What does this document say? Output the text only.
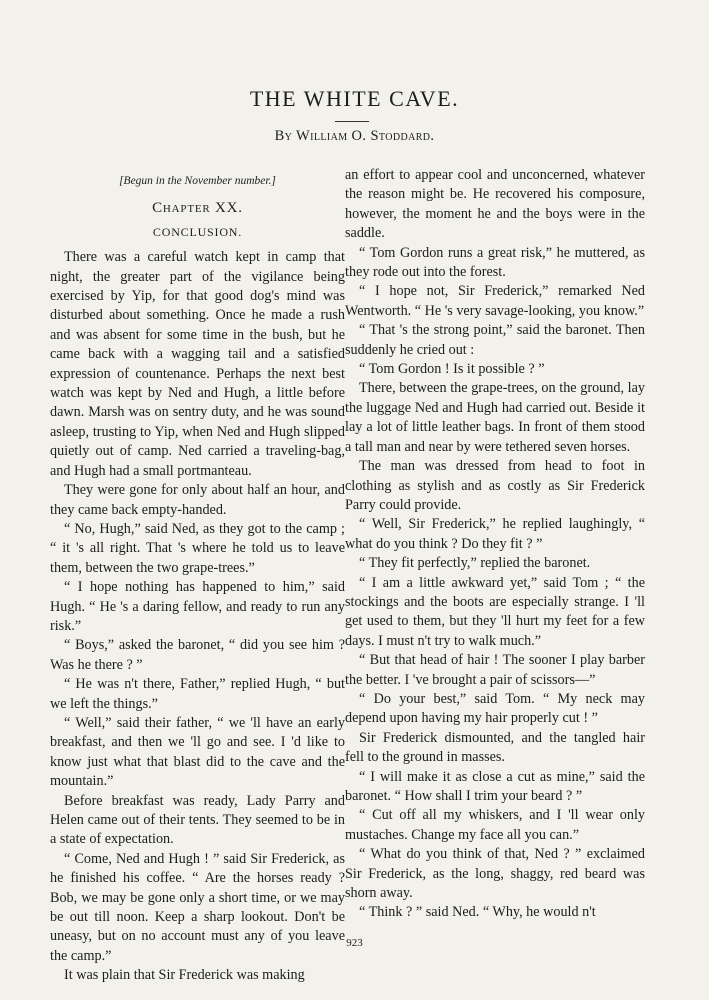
THE WHITE CAVE.
By William O. Stoddard.
[Begun in the November number.]
Chapter XX.
CONCLUSION.

There was a careful watch kept in camp that night, the greater part of the vigilance being exercised by Yip, for that good dog's mind was disturbed about something. Once he made a rush and was absent for some time in the bush, but he came back with a wagging tail and a satisfied expression of countenance. Perhaps the next best watch was kept by Ned and Hugh, a little before dawn. Marsh was on sentry duty, and he was sound asleep, trusting to Yip, when Ned and Hugh slipped quietly out of camp. Ned carried a traveling-bag, and Hugh had a small portmanteau.

They were gone for only about half an hour, and they came back empty-handed.

“ No, Hugh,” said Ned, as they got to the camp ; “ it 's all right. That 's where he told us to leave them, between the two grape-trees.”

“ I hope nothing has happened to him,” said Hugh. “ He 's a daring fellow, and ready to run any risk.”

“ Boys,” asked the baronet, “ did you see him ? Was he there ? ”

“ He was n't there, Father,” replied Hugh, “ but we left the things.”

“ Well,” said their father, “ we 'll have an early breakfast, and then we 'll go and see. I 'd like to know just what that blast did to the cave and the mountain.”

Before breakfast was ready, Lady Parry and Helen came out of their tents. They seemed to be in a state of expectation.

“ Come, Ned and Hugh ! ” said Sir Frederick, as he finished his coffee. “ Are the horses ready ? Bob, we may be gone only a short time, or we may be out till noon. Keep a sharp lookout. Don't be uneasy, but on no account must any of you leave the camp.”

It was plain that Sir Frederick was making

an effort to appear cool and unconcerned, whatever the reason might be. He recovered his composure, however, the moment he and the boys were in the saddle.

“ Tom Gordon runs a great risk,” he muttered, as they rode out into the forest.

“ I hope not, Sir Frederick,” remarked Ned Wentworth. “ He 's very savage-looking, you know.”

“ That 's the strong point,” said the baronet. Then suddenly he cried out :

“ Tom Gordon ! Is it possible ? ”

There, between the grape-trees, on the ground, lay the luggage Ned and Hugh had carried out. Beside it lay a lot of little leather bags. In front of them stood a tall man and near by were tethered seven horses.

The man was dressed from head to foot in clothing as stylish and as costly as Sir Frederick Parry could provide.

“ Well, Sir Frederick,” he replied laughingly, “ what do you think ? Do they fit ? ”

“ They fit perfectly,” replied the baronet.

“ I am a little awkward yet,” said Tom ; “ the stockings and the boots are especially strange. I 'll get used to them, but they 'll hurt my feet for a few days. I must n't try to walk much.”

“ But that head of hair ! The sooner I play barber the better. I 've brought a pair of scissors—”

“ Do your best,” said Tom. “ My neck may depend upon having my hair properly cut ! ”

Sir Frederick dismounted, and the tangled hair fell to the ground in masses.

“ I will make it as close a cut as mine,” said the baronet. “ How shall I trim your beard ? ”

“ Cut off all my whiskers, and I 'll wear only mustaches. Change my face all you can.”

“ What do you think of that, Ned ? ” exclaimed Sir Frederick, as the long, shaggy, red beard was shorn away.

“ Think ? ” said Ned. “ Why, he would n't

923
